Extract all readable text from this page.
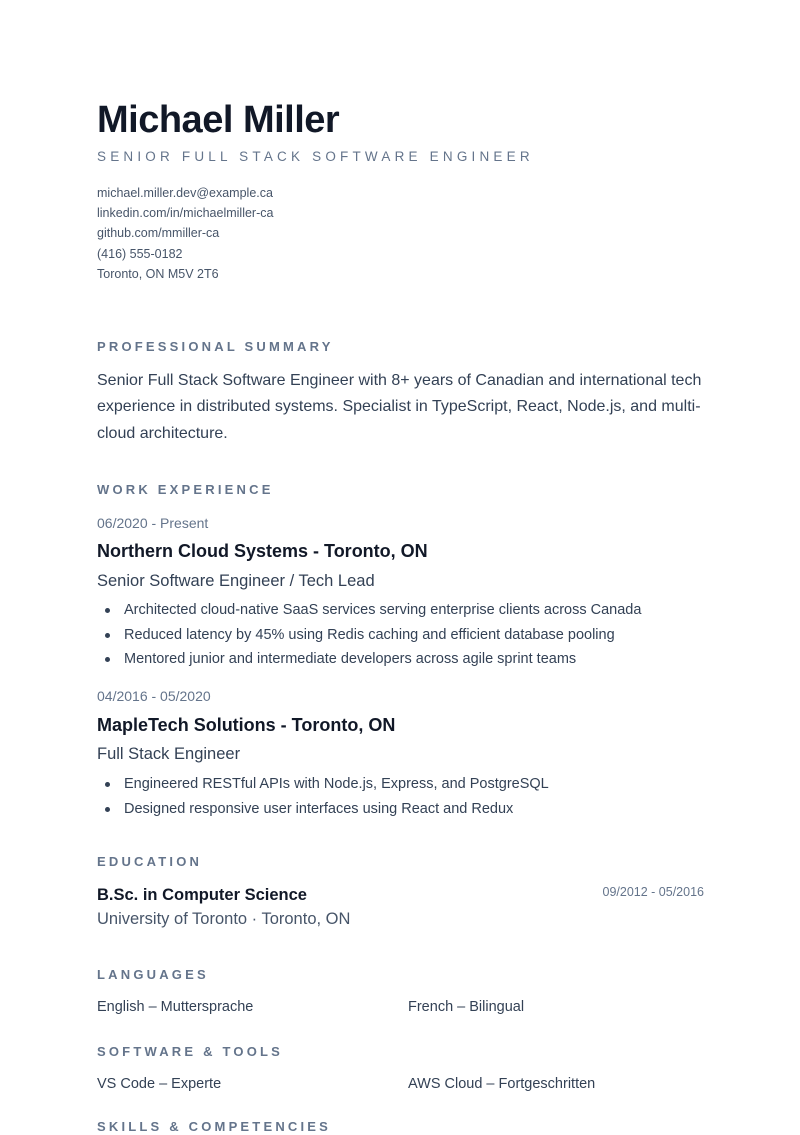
Michael Miller
SENIOR FULL STACK SOFTWARE ENGINEER
michael.miller.dev@example.ca
linkedin.com/in/michaelmiller-ca
github.com/mmiller-ca
(416) 555-0182
Toronto, ON M5V 2T6
PROFESSIONAL SUMMARY
Senior Full Stack Software Engineer with 8+ years of Canadian and international tech experience in distributed systems. Specialist in TypeScript, React, Node.js, and multi-cloud architecture.
WORK EXPERIENCE
06/2020 - Present
Northern Cloud Systems - Toronto, ON
Senior Software Engineer / Tech Lead
Architected cloud-native SaaS services serving enterprise clients across Canada
Reduced latency by 45% using Redis caching and efficient database pooling
Mentored junior and intermediate developers across agile sprint teams
04/2016 - 05/2020
MapleTech Solutions - Toronto, ON
Full Stack Engineer
Engineered RESTful APIs with Node.js, Express, and PostgreSQL
Designed responsive user interfaces using React and Redux
EDUCATION
B.Sc. in Computer Science
University of Toronto · Toronto, ON
09/2012 - 05/2016
LANGUAGES
English – Muttersprache	French – Bilingual
SOFTWARE & TOOLS
VS Code – Experte	AWS Cloud – Fortgeschritten
SKILLS & COMPETENCIES
